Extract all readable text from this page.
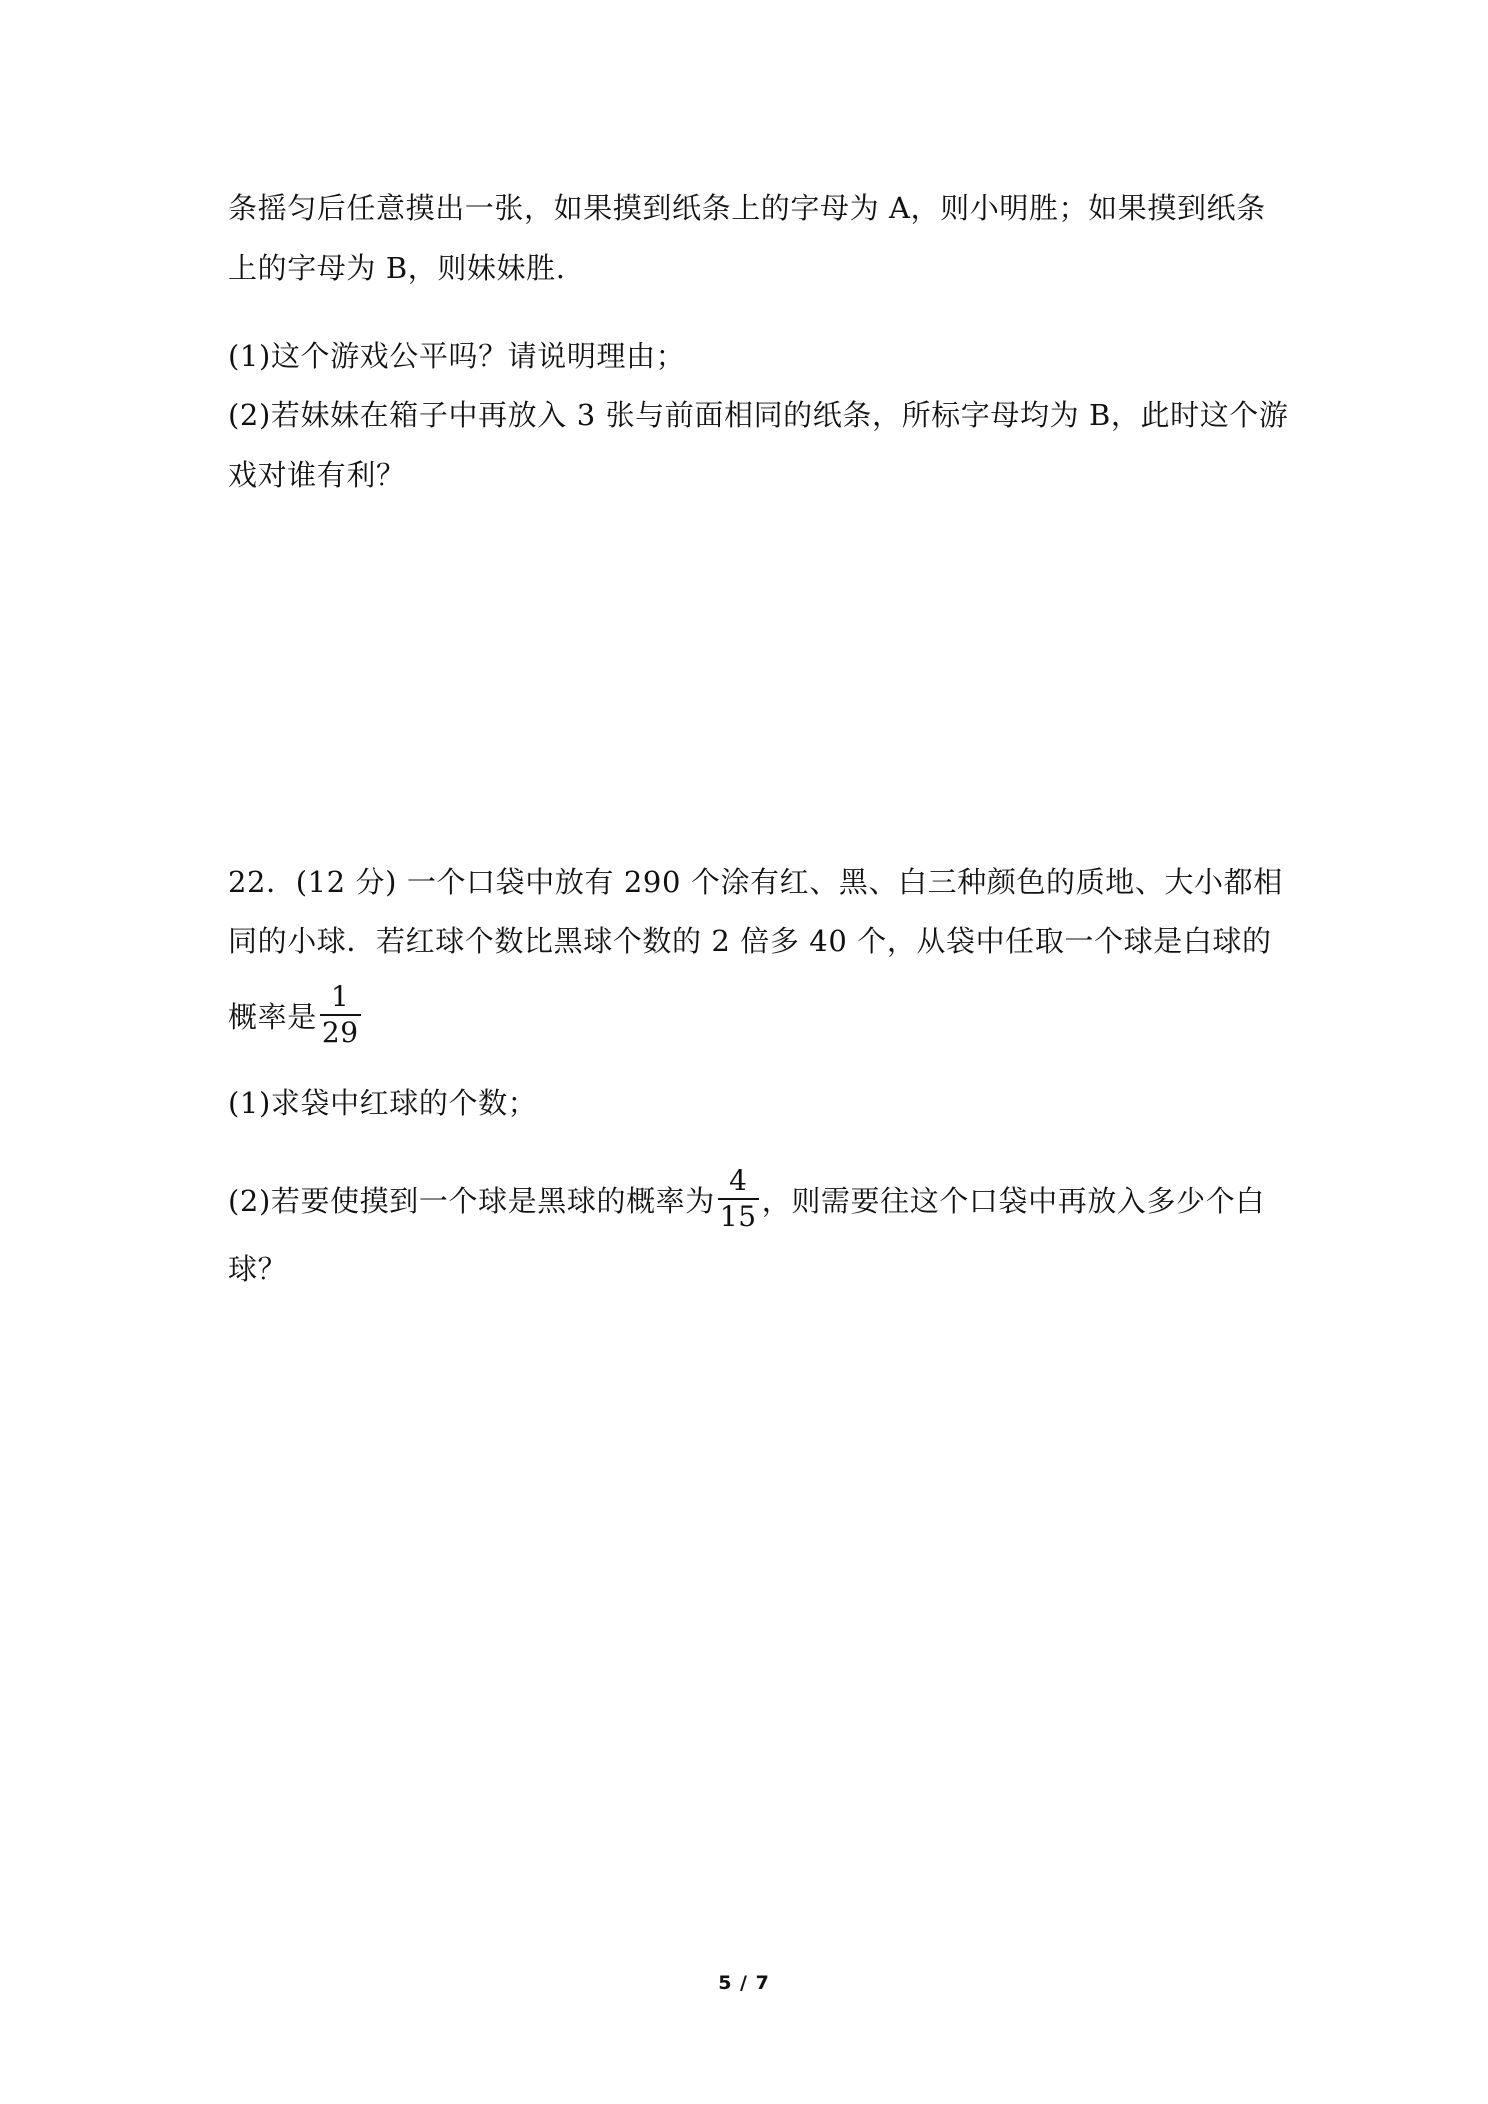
条摇匀后任意摸出一张，如果摸到纸条上的字母为 A，则小明胜；如果摸到纸条
上的字母为 B，则妹妹胜.
(1)这个游戏公平吗？请说明理由；
(2)若妹妹在箱子中再放入 3 张与前面相同的纸条，所标字母均为 B，此时这个游
戏对谁有利？
22．(12 分) 一个口袋中放有 290 个涂有红、黑、白三种颜色的质地、大小都相
同的小球．若红球个数比黑球个数的 2 倍多 40 个，从袋中任取一个球是白球的
概率是 $\frac{1}{29}$
(1)求袋中红球的个数；
(2)若要使摸到一个球是黑球的概率为 $\frac{4}{15}$ ，则需要往这个口袋中再放入多少个白
球？
5 / 7
